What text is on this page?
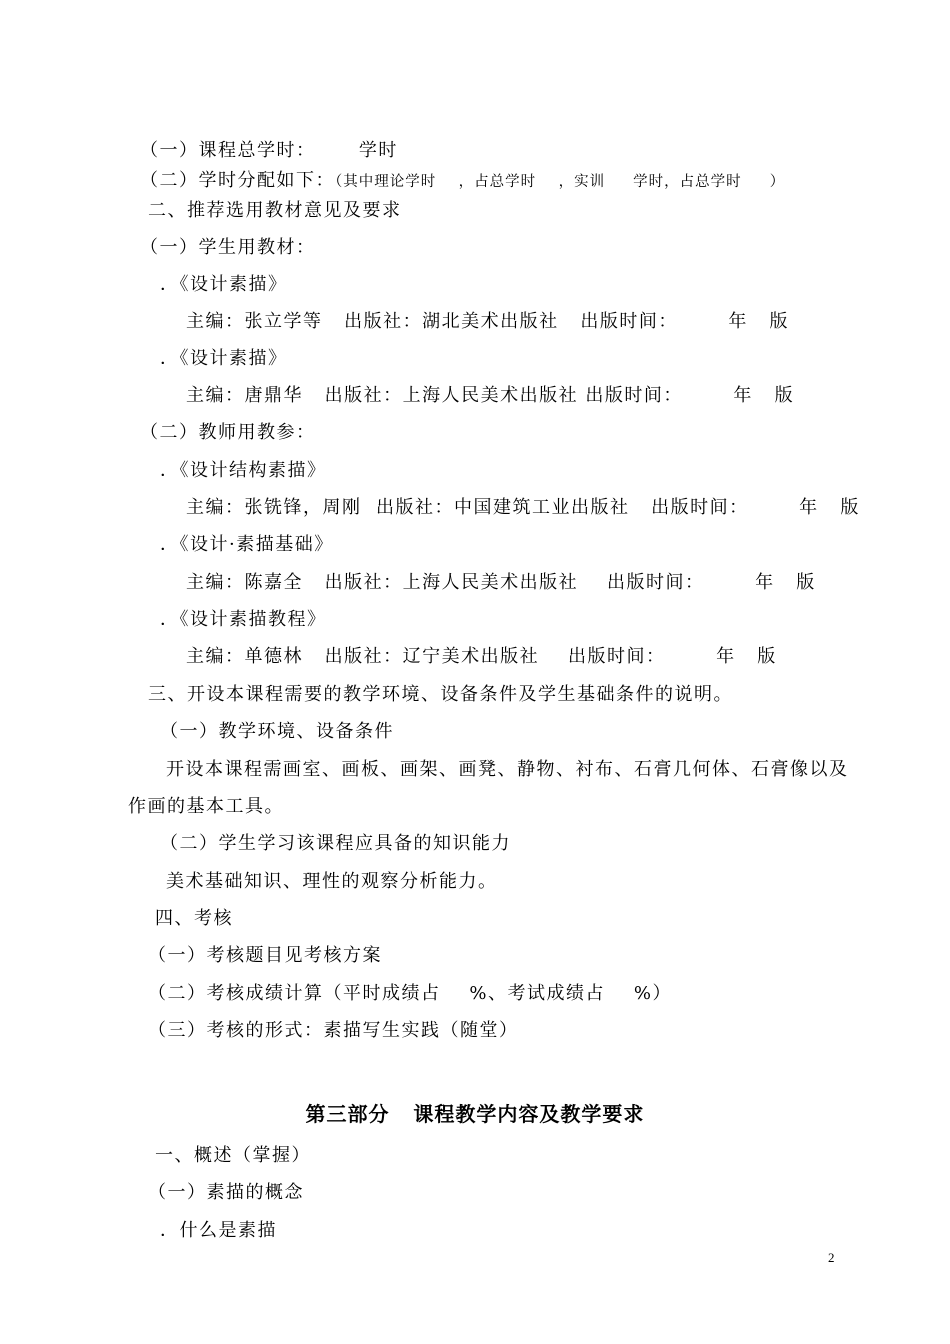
（一）课程总学时：      学时
（二）学时分配如下：（其中理论学时    ，占总学时    ，实训     学时，占总学时     ）
二、推荐选用教材意见及要求
（一）学生用教材：
．《设计素描》
主编：张立学等   出版社：湖北美术出版社   出版时间：       年   版
．《设计素描》
主编：唐鼎华   出版社：上海人民美术出版社 出版时间：       年   版
（二）教师用教参：
．《设计结构素描》
主编：张铣锋，周刚  出版社：中国建筑工业出版社   出版时间：       年   版
．《设计·素描基础》
主编：陈嘉全   出版社：上海人民美术出版社    出版时间：       年   版
．《设计素描教程》
主编：单德林   出版社：辽宁美术出版社    出版时间：       年   版
三、开设本课程需要的教学环境、设备条件及学生基础条件的说明。
（一）教学环境、设备条件
开设本课程需画室、画板、画架、画凳、静物、衬布、石膏几何体、石膏像以及
作画的基本工具。
（二）学生学习该课程应具备的知识能力
美术基础知识、理性的观察分析能力。
四、考核
（一）考核题目见考核方案
（二）考核成绩计算（平时成绩占    %、考试成绩占    %）
（三）考核的形式：素描写生实践（随堂）
第三部分   课程教学内容及教学要求
一、概述（掌握）
（一）素描的概念
．什么是素描
2
